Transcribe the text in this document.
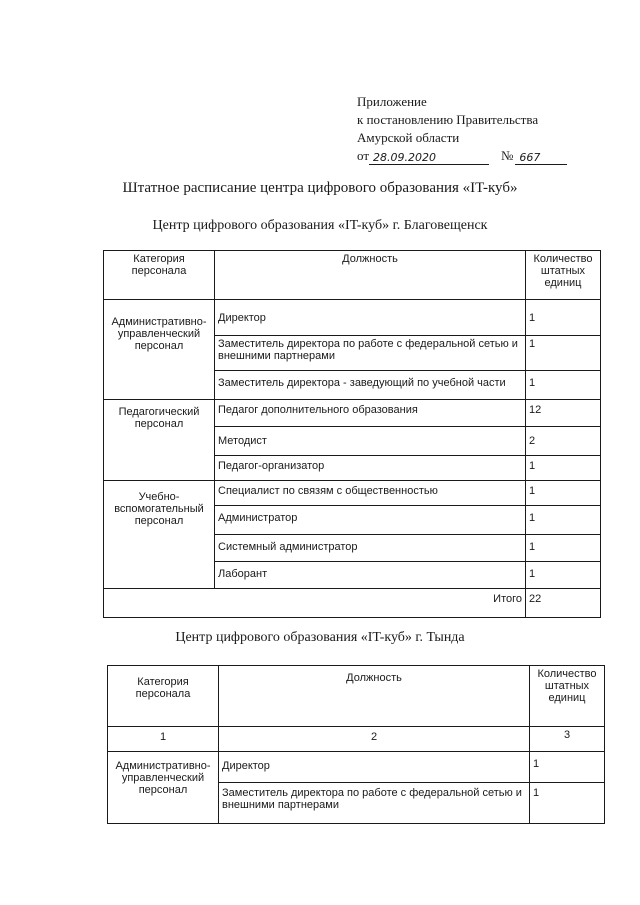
Приложение
к постановлению Правительства
Амурской области
от 28.09.2020	№ 667
Штатное расписание центра цифрового образования «IT-куб»
Центр цифрового образования «IT-куб» г. Благовещенск
Категория персонала	Должность	Количество штатных единиц
Административно-управленческий персонал	Директор	1
	Заместитель директора по работе с федеральной сетью и внешними партнерами	1
	Заместитель директора - заведующий по учебной части	1
Педагогический персонал	Педагог дополнительного образования	12
	Методист	2
	Педагог-организатор	1
Учебно-вспомогательный персонал	Специалист по связям с общественностью	1
	Администратор	1
	Системный администратор	1
	Лаборант	1
Итого		22
Центр цифрового образования «IT-куб» г. Тында
Категория персонала	Должность	Количество штатных единиц
1	2	3
Административно-управленческий персонал	Директор	1
	Заместитель директора по работе с федеральной сетью и внешними партнерами	1
